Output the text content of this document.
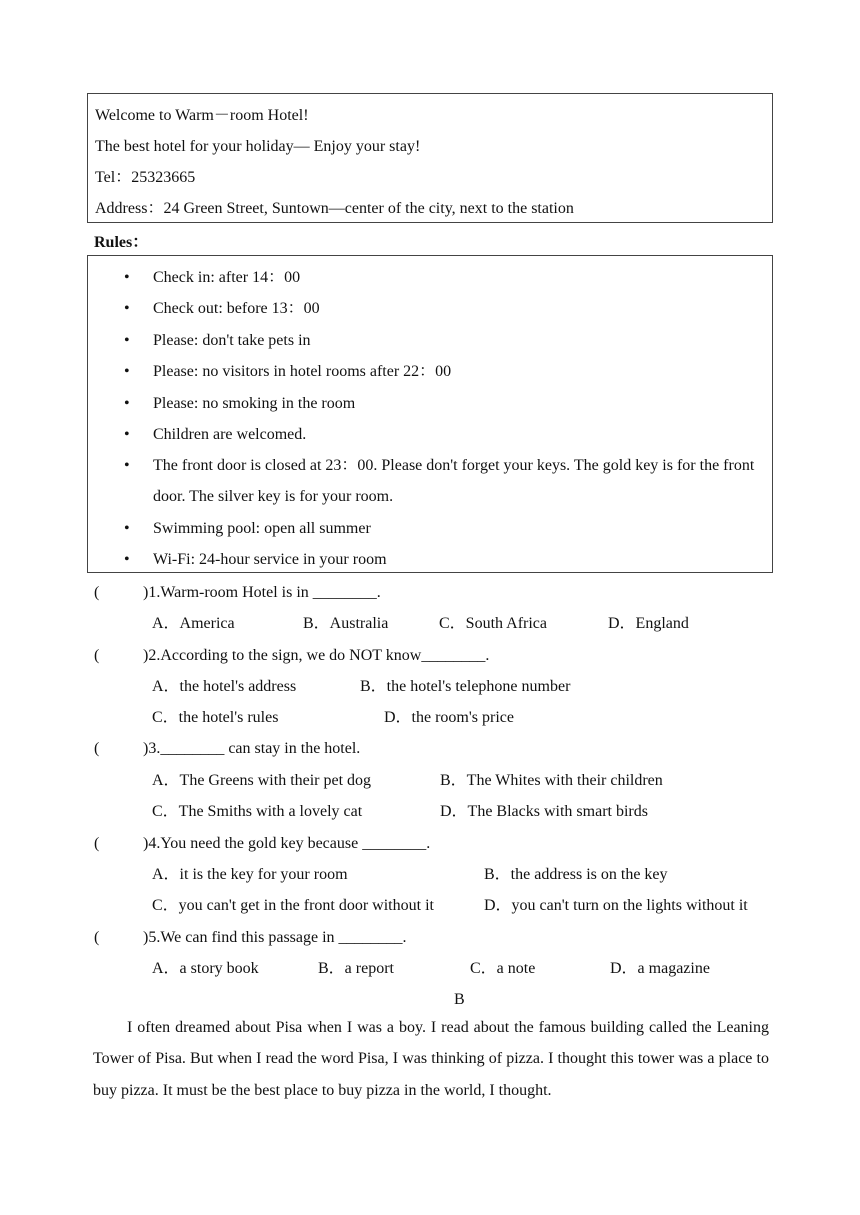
Welcome to Warm－room Hotel!
The best hotel for your holiday— Enjoy your stay!
Tel：25323665
Address：24 Green Street, Suntown—center of the city, next to the station
Rules：
• Check in: after 14：00
• Check out: before 13：00
• Please: don't take pets in
• Please: no visitors in hotel rooms after 22：00
• Please: no smoking in the room
• Children are welcomed.
• The front door is closed at 23：00. Please don't forget your keys. The gold key is for the front door. The silver key is for your room.
• Swimming pool: open all summer
• Wi-Fi: 24-hour service in your room
(	)1.Warm-room Hotel is in ________.
A．America	B．Australia	C．South Africa	D．England
(	)2.According to the sign, we do NOT know________.
A．the hotel's address	B．the hotel's telephone number
C．the hotel's rules	D．the room's price
(	)3.________ can stay in the hotel.
A．The Greens with their pet dog	B．The Whites with their children
C．The Smiths with a lovely cat	D．The Blacks with smart birds
(	)4.You need the gold key because ________.
A．it is the key for your room	B．the address is on the key
C．you can't get in the front door without it	D．you can't turn on the lights without it
(	)5.We can find this passage in ________.
A．a story book	B．a report	C．a note	D．a magazine
B
I often dreamed about Pisa when I was a boy. I read about the famous building called the Leaning Tower of Pisa. But when I read the word Pisa, I was thinking of pizza. I thought this tower was a place to buy pizza. It must be the best place to buy pizza in the world, I thought.
